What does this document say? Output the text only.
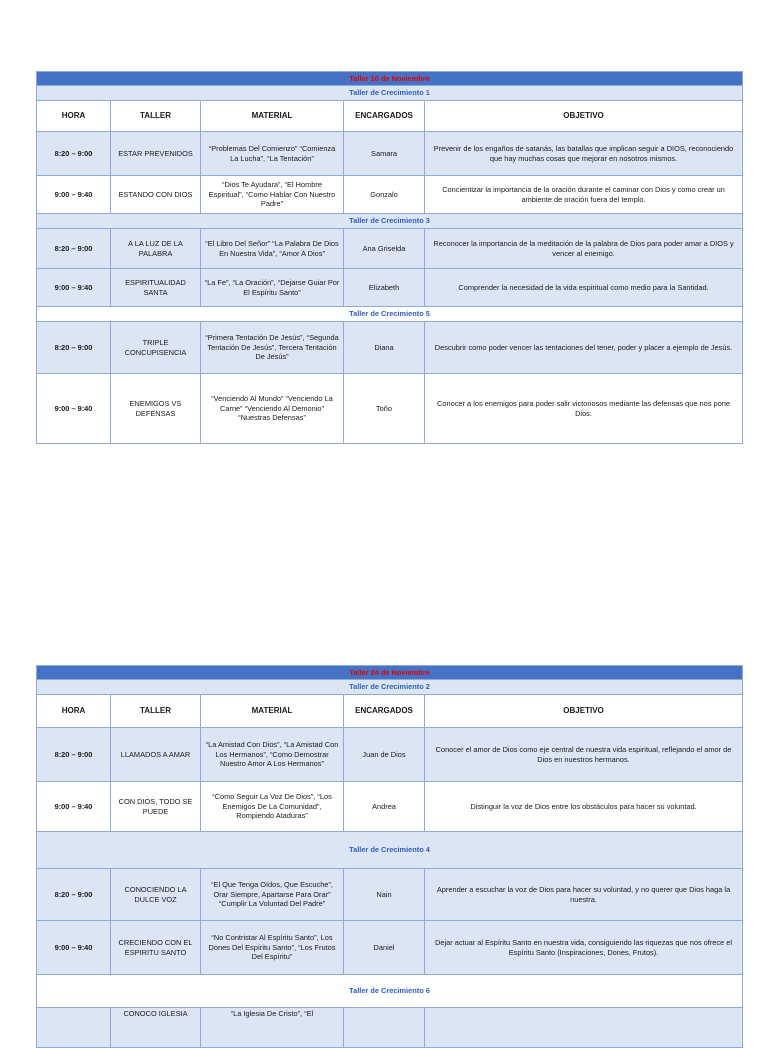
Taller 10 de Noviembre				
Taller de Crecimiento 1				
HORA	TALLER	MATERIAL	ENCARGADOS	OBJETIVO
8:20 – 9:00	ESTAR PREVENIDOS	“Problemas Del Comienzo” “Comienza La Lucha”, “La Tentación”	Samara	Prevenir de los engaños de satanás, las batallas que implican seguir a DIOS, reconociendo que hay muchas cosas que mejorar en nosotros mismos.
9:00 – 9:40	ESTANDO CON DIOS	“Dios Te Ayudara”, “El Hombre Espiritual”, “Como Hablar Con Nuestro Padre”	Gonzalo	Concientizar la importancia de la oración durante el caminar con Dios y como crear un ambiente de oración fuera del templo.
Taller de Crecimiento 3				
8:20 – 9:00	A LA LUZ DE LA PALABRA	“El Libro Del Señor” “La Palabra De Dios En Nuestra Vida”, “Amor A Dios”	Ana Griselda	Reconocer la importancia de la meditación de la palabra de Dios para poder amar a DIOS y vencer al enemigo.
9:00 – 9:40	ESPIRITUALIDAD SANTA	“La Fe”, “La Oración”, “Dejarse Guiar Por El Espíritu Santo”	Elizabeth	Comprender la necesidad de la vida espiritual como medio para la Santidad.
Taller de Crecimiento 5				
8:20 – 9:00	TRIPLE CONCUPISENCIA	“Primera Tentación De Jesús”, “Segunda Tentación De Jesús”, Tercera Tentación De Jesús”	Diana	Descubrir como poder vencer las tentaciones del tener, poder y placer a ejemplo de Jesús.
9:00 – 9:40	ENEMIGOS VS DEFENSAS	“Venciendo Al Mundo” “Venciendo La Carne” “Venciendo Al Demonio” “Nuestras Defensas”	Toño	Conocer a los enemigos para poder salir victoriosos mediante las defensas que nos pone Dios.
Taller 24 de Noviembre				
Taller de Crecimiento 2				
HORA	TALLER	MATERIAL	ENCARGADOS	OBJETIVO
8:20 – 9:00	LLAMADOS A AMAR	“La Amistad Con Dios”, “La Amistad Con Los Hermanos”, “Como Demostrar Nuestro Amor A Los Hermanos”	Juan de Dios	Conocer el amor de Dios como eje central de nuestra vida espiritual, reflejando el amor de Dios en nuestros hermanos.
9:00 – 9:40	CON DIOS, TODO SE PUEDE	“Como Seguir La Voz De Dios”, “Los Enemigos De La Comunidad”, Rompiendo Ataduras”	Andrea	Distinguir la voz de Dios entre los obstáculos para hacer su voluntad.
Taller de Crecimiento 4				
8:20 – 9:00	CONOCIENDO LA DULCE VOZ	“El Que Tenga Oídos, Que Escuche”, Orar Siempre, Apartarse Para Orar” “Cumplir La Voluntad Del Padre”	Nain	Aprender a escuchar la voz de Dios para hacer su voluntad, y no querer que Dios haga la nuestra.
9:00 – 9:40	CRECIENDO CON EL ESPIRITU SANTO	“No Contristar Al Espíritu Santo”, Los Dones Del Espíritu Santo”, “Los Frutos Del Espíritu”	Daniel	Dejar actuar al Espíritu Santo en nuestra vida, consiguiendo las riquezas que nos ofrece el Espíritu Santo (Inspiraciones, Dones, Frutos).
Taller de Crecimiento 6				
	CONOCO IGLESIA	“La Iglesia De Cristo”, “El		
